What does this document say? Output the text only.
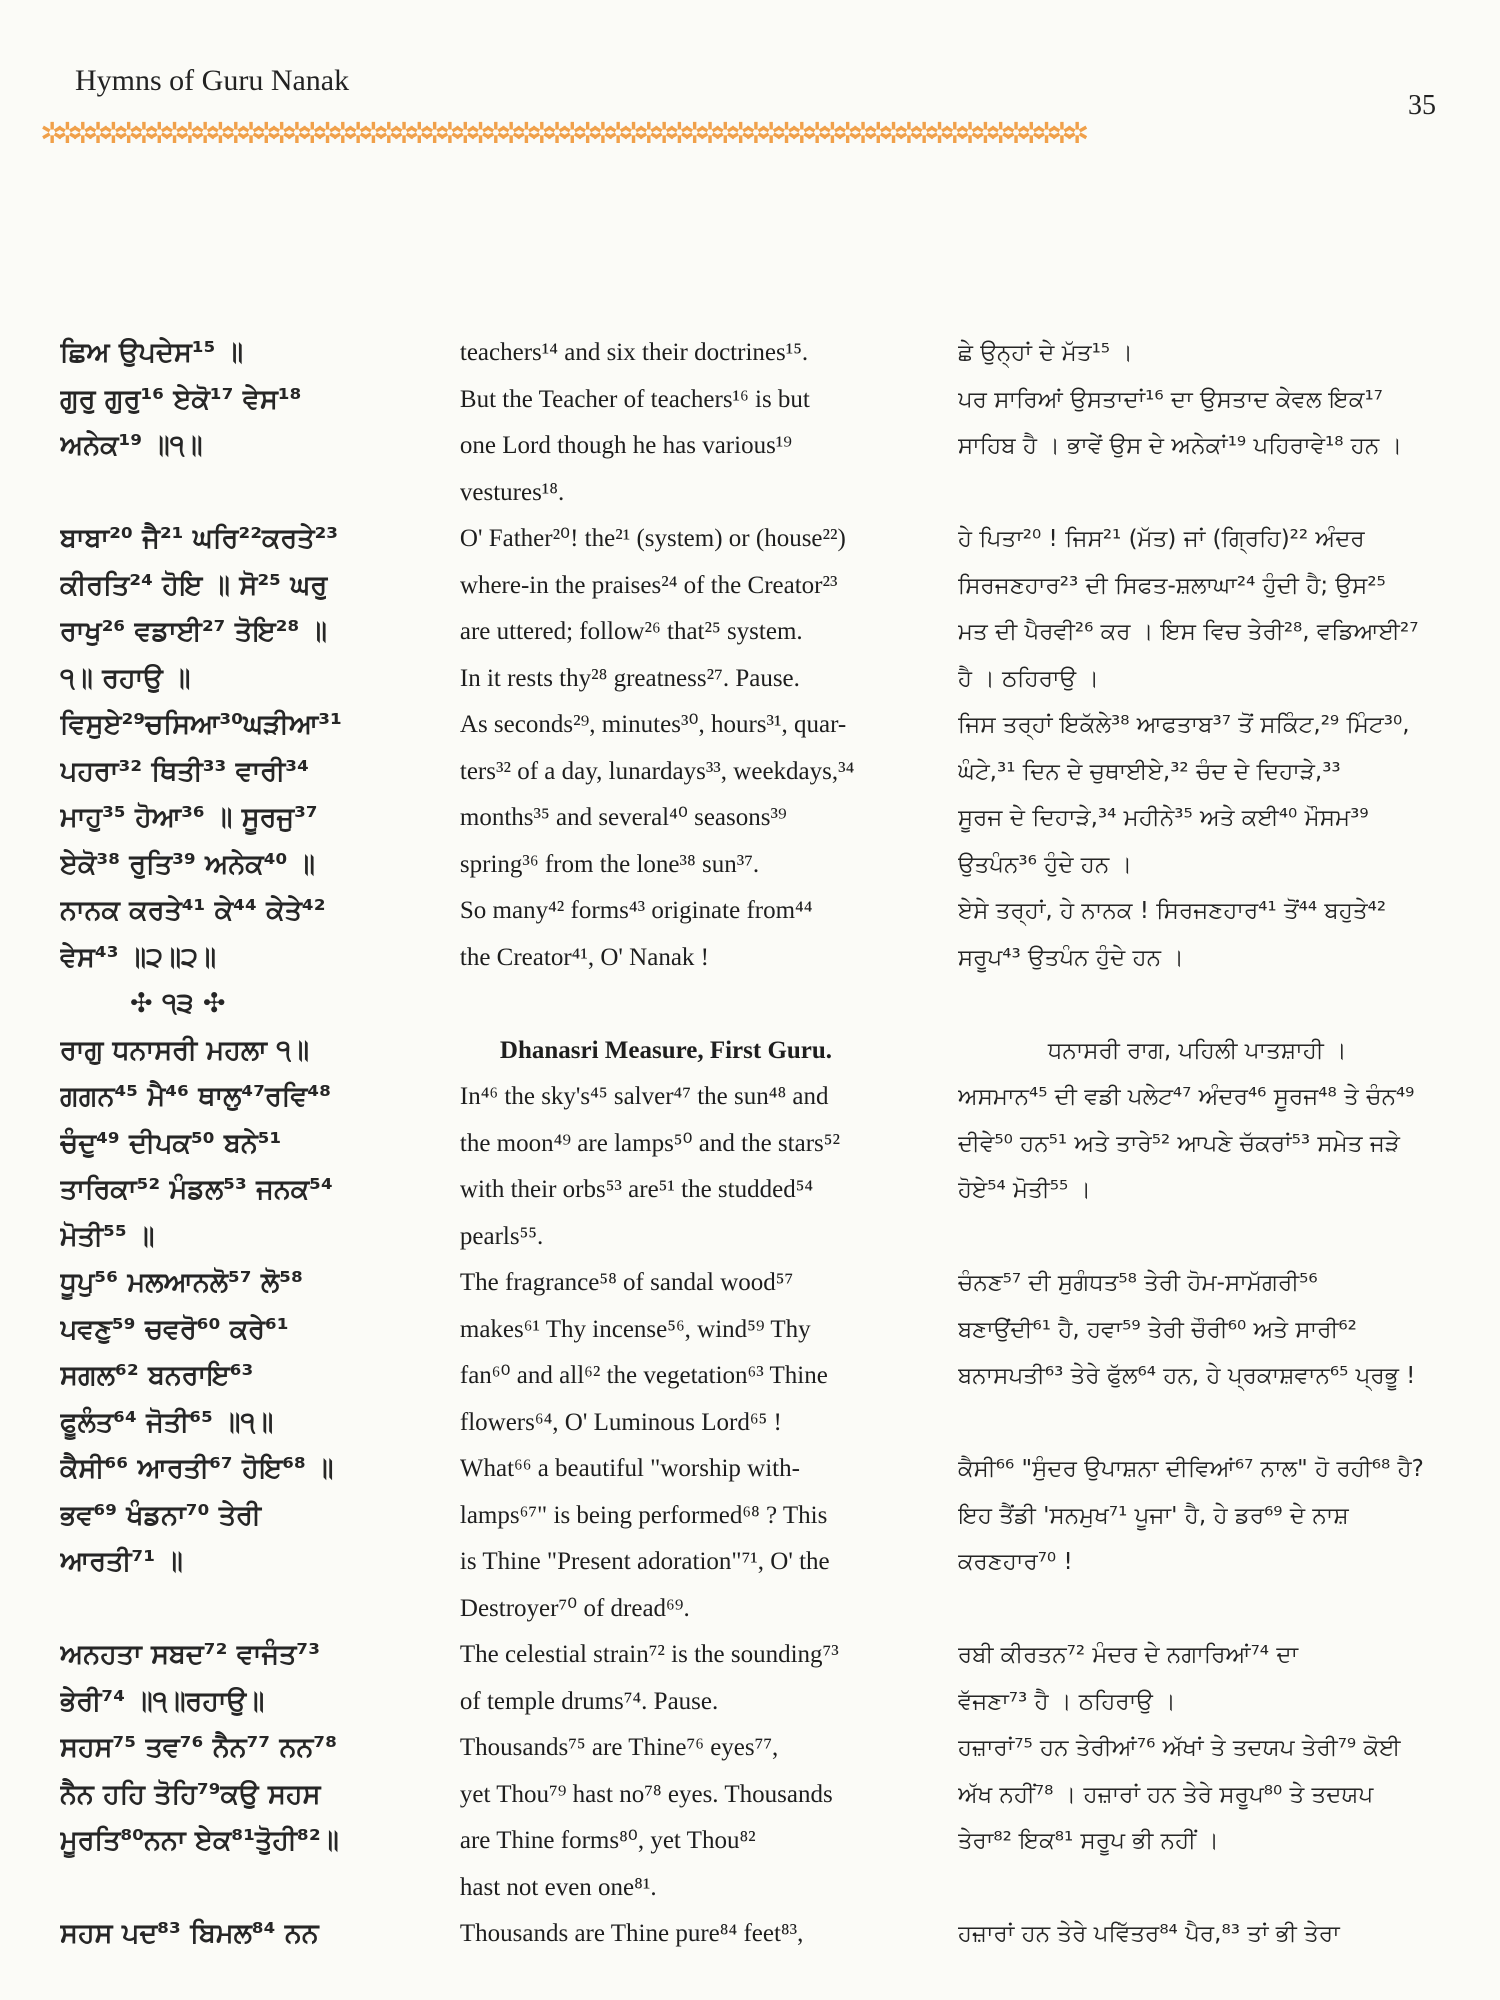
Hymns of Guru Nanak
35
✲✲✲✲✲✲✲✲✲✲✲✲✲✲✲✲✲✲✲✲✲✲✲✲✲✲✲✲✲✲✲✲✲✲✲✲✲✲✲✲✲✲✲✲✲✲✲✲✲✲✲✲✲✲✲✲✲✲✲✲✲✲✲✲✲✲✲✲
ਛਿਅ ਉਪਦੇਸ¹⁵ ॥
ਗੁਰੁ ਗੁਰੁ¹⁶ ਏਕੋ¹⁷ ਵੇਸ¹⁸
ਅਨੇਕ¹⁹ ॥੧॥
ਬਾਬਾ²⁰ ਜੈ²¹ ਘਰਿ²²ਕਰਤੇ²³
ਕੀਰਤਿ²⁴ ਹੋਇ ॥ ਸੋ²⁵ ਘਰੁ
ਰਾਖੁ²⁶ ਵਡਾਈ²⁷ ਤੋਇ²⁸ ॥
੧॥ ਰਹਾਉ ॥
ਵਿਸੁਏ²⁹ਚਸਿਆ³⁰ਘੜੀਆ³¹
ਪਹਰਾ³² ਥਿਤੀ³³ ਵਾਰੀ³⁴
ਮਾਹੁ³⁵ ਹੋਆ³⁶ ॥ ਸੂਰਜੁ³⁷
ਏਕੋ³⁸ ਰੁਤਿ³⁹ ਅਨੇਕ⁴⁰ ॥
ਨਾਨਕ ਕਰਤੇ⁴¹ ਕੇ⁴⁴ ਕੇਤੇ⁴²
ਵੇਸ⁴³ ॥੨॥੨॥
✣ ੧੩ ✣
ਰਾਗੁ ਧਨਾਸਰੀ ਮਹਲਾ ੧॥
ਗਗਨ⁴⁵ ਮੈ⁴⁶ ਥਾਲੁ⁴⁷ਰਵਿ⁴⁸
ਚੰਦੁ⁴⁹ ਦੀਪਕ⁵⁰ ਬਨੇ⁵¹
ਤਾਰਿਕਾ⁵² ਮੰਡਲ⁵³ ਜਨਕ⁵⁴
ਮੋਤੀ⁵⁵ ॥
ਧੂਪੁ⁵⁶ ਮਲਆਨਲੋ⁵⁷ ਲੋ⁵⁸
ਪਵਣੁ⁵⁹ ਚਵਰੋ⁶⁰ ਕਰੇ⁶¹
ਸਗਲ⁶² ਬਨਰਾਇ⁶³
ਫੂਲੰਤ⁶⁴ ਜੋਤੀ⁶⁵ ॥੧॥
ਕੈਸੀ⁶⁶ ਆਰਤੀ⁶⁷ ਹੋਇ⁶⁸ ॥
ਭਵ⁶⁹ ਖੰਡਨਾ⁷⁰ ਤੇਰੀ
ਆਰਤੀ⁷¹ ॥
ਅਨਹਤਾ ਸਬਦ⁷² ਵਾਜੰਤ⁷³
ਭੇਰੀ⁷⁴ ॥੧॥ਰਹਾਉ॥
ਸਹਸ⁷⁵ ਤਵ⁷⁶ ਨੈਨ⁷⁷ ਨਨ⁷⁸
ਨੈਨ ਹਹਿ ਤੋਹਿ⁷⁹ਕਉ ਸਹਸ
ਮੂਰਤਿ⁸⁰ਨਨਾ ਏਕ⁸¹ਤੁੋਹੀ⁸²॥
ਸਹਸ ਪਦ⁸³ ਬਿਮਲ⁸⁴ ਨਨ
teachers¹⁴ and six their doctrines¹⁵.
But the Teacher of teachers¹⁶ is but
one Lord though he has various¹⁹
vestures¹⁸.
O' Father²⁰! the²¹ (system) or (house²²)
where-in the praises²⁴ of the Creator²³
are uttered; follow²⁶ that²⁵ system.
In it rests thy²⁸ greatness²⁷. Pause.
As seconds²⁹, minutes³⁰, hours³¹, quar-
ters³² of a day, lunardays³³, weekdays,³⁴
months³⁵ and several⁴⁰ seasons³⁹
spring³⁶ from the lone³⁸ sun³⁷.
So many⁴² forms⁴³ originate from⁴⁴
the Creator⁴¹, O' Nanak !
Dhanasri Measure, First Guru.
In⁴⁶ the sky's⁴⁵ salver⁴⁷ the sun⁴⁸ and
the moon⁴⁹ are lamps⁵⁰ and the stars⁵²
with their orbs⁵³ are⁵¹ the studded⁵⁴
pearls⁵⁵.
The fragrance⁵⁸ of sandal wood⁵⁷
makes⁶¹ Thy incense⁵⁶, wind⁵⁹ Thy
fan⁶⁰ and all⁶² the vegetation⁶³ Thine
flowers⁶⁴, O' Luminous Lord⁶⁵ !
What⁶⁶ a beautiful "worship with-
lamps⁶⁷" is being performed⁶⁸ ? This
is Thine "Present adoration"⁷¹, O' the
Destroyer⁷⁰ of dread⁶⁹.
The celestial strain⁷² is the sounding⁷³
of temple drums⁷⁴. Pause.
Thousands⁷⁵ are Thine⁷⁶ eyes⁷⁷,
yet Thou⁷⁹ hast no⁷⁸ eyes. Thousands
are Thine forms⁸⁰, yet Thou⁸²
hast not even one⁸¹.
Thousands are Thine pure⁸⁴ feet⁸³,
ਛੇ ਉਨ੍ਹਾਂ ਦੇ ਮੱਤ¹⁵ ।
ਪਰ ਸਾਰਿਆਂ ਉਸਤਾਦਾਂ¹⁶ ਦਾ ਉਸਤਾਦ ਕੇਵਲ ਇਕ¹⁷
ਸਾਹਿਬ ਹੈ । ਭਾਵੇਂ ਉਸ ਦੇ ਅਨੇਕਾਂ¹⁹ ਪਹਿਰਾਵੇ¹⁸ ਹਨ ।
ਹੇ ਪਿਤਾ²⁰ ! ਜਿਸ²¹ (ਮੱਤ) ਜਾਂ (ਗ੍ਰਿਹਿ)²² ਅੰਦਰ
ਸਿਰਜਣਹਾਰ²³ ਦੀ ਸਿਫਤ-ਸ਼ਲਾਘਾ²⁴ ਹੁੰਦੀ ਹੈ; ਉਸ²⁵
ਮਤ ਦੀ ਪੈਰਵੀ²⁶ ਕਰ । ਇਸ ਵਿਚ ਤੇਰੀ²⁸, ਵਡਿਆਈ²⁷
ਹੈ । ਠਹਿਰਾਉ ।
ਜਿਸ ਤਰ੍ਹਾਂ ਇਕੱਲੇ³⁸ ਆਫਤਾਬ³⁷ ਤੋਂ ਸਕਿੰਟ,²⁹ ਮਿੰਟ³⁰,
ਘੰਟੇ,³¹ ਦਿਨ ਦੇ ਚੁਥਾਈਏ,³² ਚੰਦ ਦੇ ਦਿਹਾੜੇ,³³
ਸੂਰਜ ਦੇ ਦਿਹਾੜੇ,³⁴ ਮਹੀਨੇ³⁵ ਅਤੇ ਕਈ⁴⁰ ਮੌਸਮ³⁹
ਉਤਪੰਨ³⁶ ਹੁੰਦੇ ਹਨ ।
ਏਸੇ ਤਰ੍ਹਾਂ, ਹੇ ਨਾਨਕ ! ਸਿਰਜਣਹਾਰ⁴¹ ਤੋਂ⁴⁴ ਬਹੁਤੇ⁴²
ਸਰੂਪ⁴³ ਉਤਪੰਨ ਹੁੰਦੇ ਹਨ ।
ਧਨਾਸਰੀ ਰਾਗ, ਪਹਿਲੀ ਪਾਤਸ਼ਾਹੀ ।
ਅਸਮਾਨ⁴⁵ ਦੀ ਵਡੀ ਪਲੇਟ⁴⁷ ਅੰਦਰ⁴⁶ ਸੂਰਜ⁴⁸ ਤੇ ਚੰਨ⁴⁹
ਦੀਵੇ⁵⁰ ਹਨ⁵¹ ਅਤੇ ਤਾਰੇ⁵² ਆਪਣੇ ਚੱਕਰਾਂ⁵³ ਸਮੇਤ ਜੜੇ
ਹੋਏ⁵⁴ ਮੋਤੀ⁵⁵ ।
ਚੰਨਣ⁵⁷ ਦੀ ਸੁਗੰਧਤ⁵⁸ ਤੇਰੀ ਹੋਮ-ਸਾਮੱਗਰੀ⁵⁶
ਬਣਾਉਂਦੀ⁶¹ ਹੈ, ਹਵਾ⁵⁹ ਤੇਰੀ ਚੌਰੀ⁶⁰ ਅਤੇ ਸਾਰੀ⁶²
ਬਨਾਸਪਤੀ⁶³ ਤੇਰੇ ਫੁੱਲ⁶⁴ ਹਨ, ਹੇ ਪ੍ਰਕਾਸ਼ਵਾਨ⁶⁵ ਪ੍ਰਭੂ !
ਕੈਸੀ⁶⁶ "ਸੁੰਦਰ ਉਪਾਸ਼ਨਾ ਦੀਵਿਆਂ⁶⁷ ਨਾਲ" ਹੋ ਰਹੀ⁶⁸ ਹੈ?
ਇਹ ਤੈਂਡੀ 'ਸਨਮੁਖ⁷¹ ਪੂਜਾ' ਹੈ, ਹੇ ਡਰ⁶⁹ ਦੇ ਨਾਸ਼
ਕਰਣਹਾਰ⁷⁰ !
ਰਬੀ ਕੀਰਤਨ⁷² ਮੰਦਰ ਦੇ ਨਗਾਰਿਆਂ⁷⁴ ਦਾ
ਵੱਜਣਾ⁷³ ਹੈ । ਠਹਿਰਾਉ ।
ਹਜ਼ਾਰਾਂ⁷⁵ ਹਨ ਤੇਰੀਆਂ⁷⁶ ਅੱਖਾਂ ਤੇ ਤਦਯਪ ਤੇਰੀ⁷⁹ ਕੋਈ
ਅੱਖ ਨਹੀਂ⁷⁸ । ਹਜ਼ਾਰਾਂ ਹਨ ਤੇਰੇ ਸਰੂਪ⁸⁰ ਤੇ ਤਦਯਪ
ਤੇਰਾ⁸² ਇਕ⁸¹ ਸਰੂਪ ਭੀ ਨਹੀਂ ।
ਹਜ਼ਾਰਾਂ ਹਨ ਤੇਰੇ ਪਵਿੱਤਰ⁸⁴ ਪੈਰ,⁸³ ਤਾਂ ਭੀ ਤੇਰਾ
